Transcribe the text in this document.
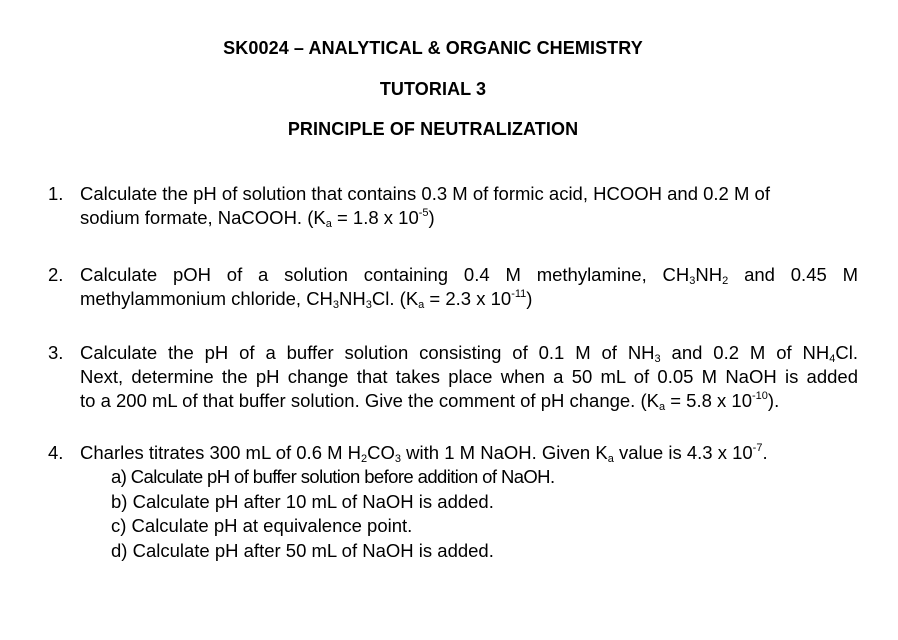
SK0024 – ANALYTICAL & ORGANIC CHEMISTRY
TUTORIAL 3
PRINCIPLE OF NEUTRALIZATION
1. Calculate the pH of solution that contains 0.3 M of formic acid, HCOOH and 0.2 M of
sodium formate, NaCOOH. ($K_a = 1.8$ x $10^{-5}$)
2. Calculate pOH of a solution containing 0.4 M methylamine, $CH_3NH_2$ and 0.45 M
methylammonium chloride, $CH_3NH_3Cl$. ($K_a = 2.3$ x $10^{-11}$)
3. Calculate the pH of a buffer solution consisting of 0.1 M of $NH_3$ and 0.2 M of $NH_4Cl$.
Next, determine the pH change that takes place when a 50 mL of 0.05 M NaOH is added
to a 200 mL of that buffer solution. Give the comment of pH change. ($K_a = 5.8$ x $10^{-10}$).
4. Charles titrates 300 mL of 0.6 M $H_2CO_3$ with 1 M NaOH. Given $K_a$ value is 4.3 x $10^{-7}$.
a) Calculate pH of buffer solution before addition of NaOH.
b) Calculate pH after 10 mL of NaOH is added.
c) Calculate pH at equivalence point.
d) Calculate pH after 50 mL of NaOH is added.
